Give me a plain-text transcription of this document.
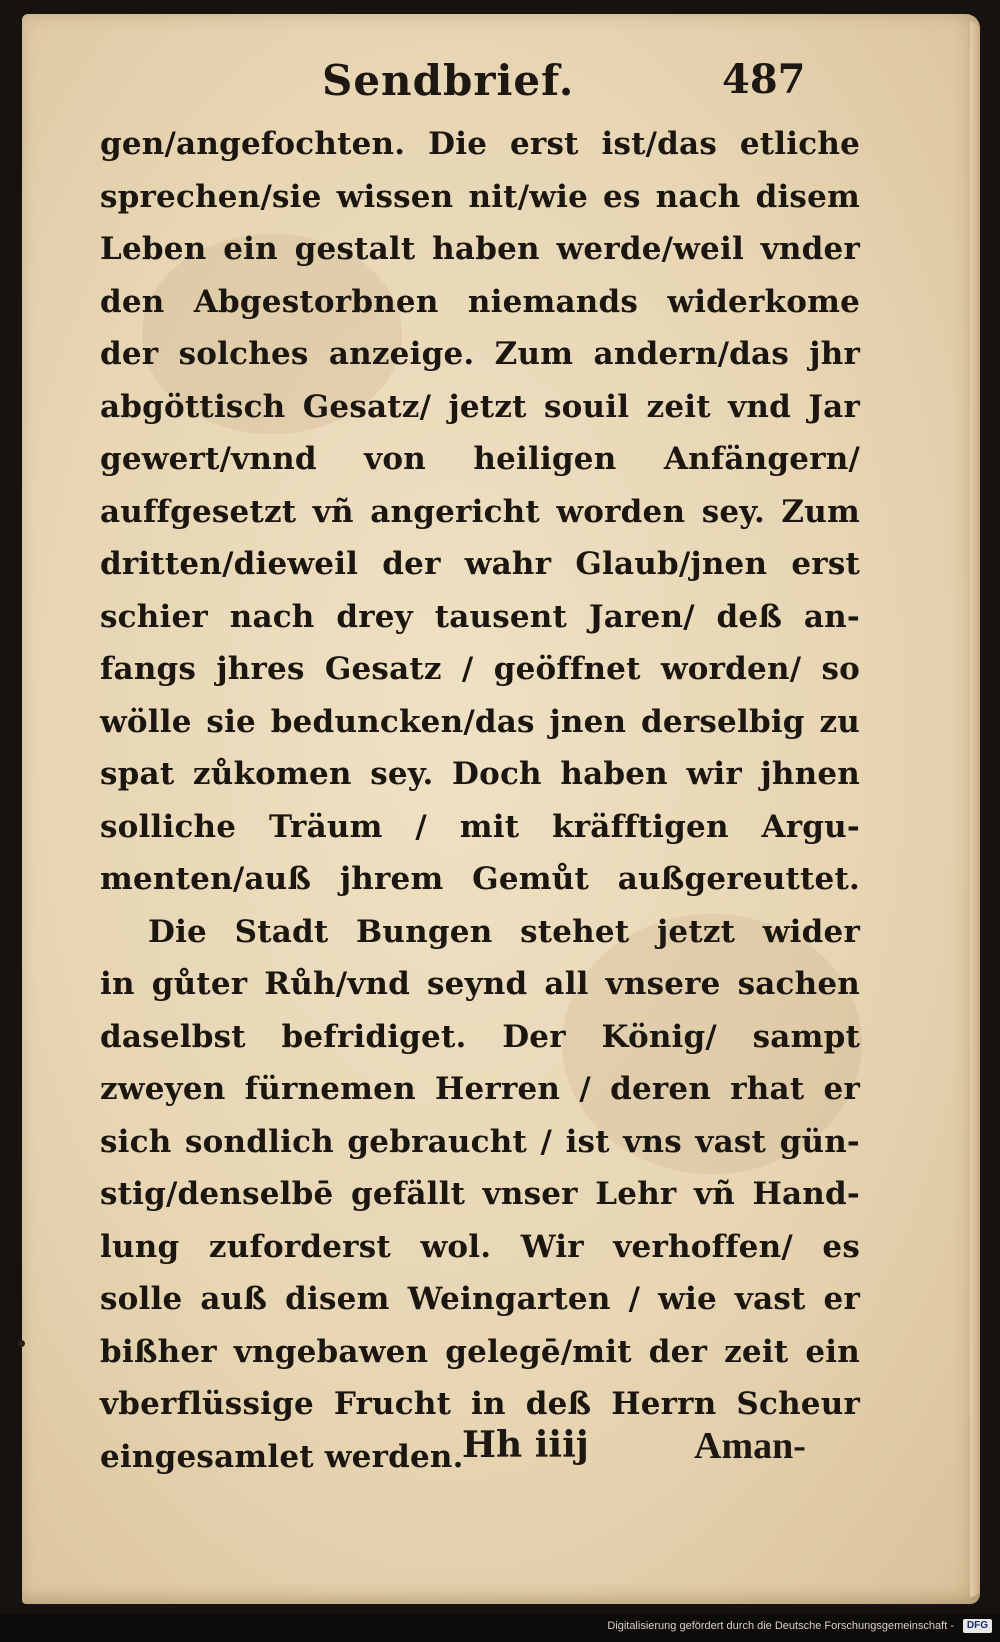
Sendbrief.	487
gen/angefochten. Die erst ist/das etliche
sprechen/sie wissen nit/wie es nach disem
Leben ein gestalt haben werde/weil vnder
den Abgestorbnen niemands widerkome
der solches anzeige. Zum andern/das jhr
abgöttisch Gesatz/ jetzt souil zeit vnd Jar
gewert/vnnd von heiligen Anfängern/
auffgesetzt vñ angericht worden sey. Zum
dritten/dieweil der wahr Glaub/jnen erst
schier nach drey tausent Jaren/ deß an-
fangs jhres Gesatz / geöffnet worden/ so
wölle sie beduncken/das jnen derselbig zu
spat zůkomen sey. Doch haben wir jhnen
solliche Träum / mit kräfftigen Argu-
menten/auß jhrem Gemůt außgereuttet.
Die Stadt Bungen stehet jetzt wider
in gůter Růh/vnd seynd all vnsere sachen
daselbst befridiget. Der König/ sampt
zweyen fürnemen Herren / deren rhat er
sich sondlich gebraucht / ist vns vast gün-
stig/denselbē gefällt vnser Lehr vñ Hand-
lung zuforderst wol. Wir verhoffen/ es
solle auß disem Weingarten / wie vast er
bißher vngebawen gelegē/mit der zeit ein
vberflüssige Frucht in deß Herrn Scheur
eingesamlet werden.
Hh iiij	Aman-
Digitalisierung gefördert durch die Deutsche Forschungsgemeinschaft -	DFG
